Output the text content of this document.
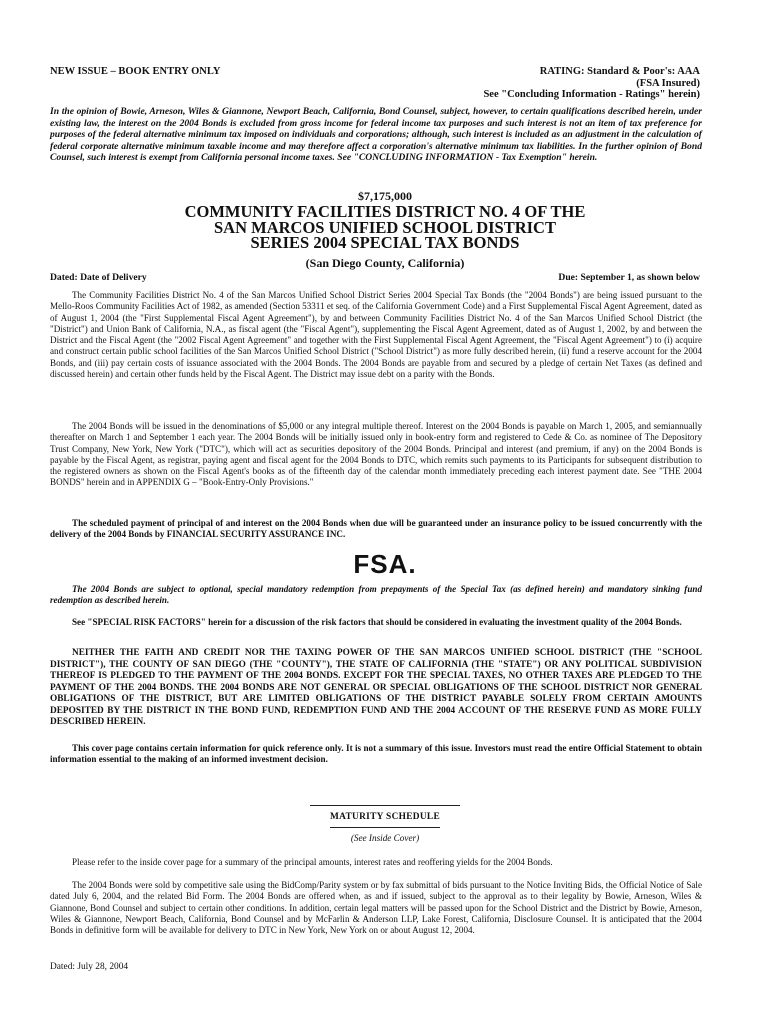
NEW ISSUE – BOOK ENTRY ONLY	RATING: Standard & Poor's: AAA
(FSA Insured)
See "Concluding Information - Ratings" herein)
In the opinion of Bowie, Arneson, Wiles & Giannone, Newport Beach, California, Bond Counsel, subject, however, to certain qualifications described herein, under existing law, the interest on the 2004 Bonds is excluded from gross income for federal income tax purposes and such interest is not an item of tax preference for purposes of the federal alternative minimum tax imposed on individuals and corporations; although, such interest is included as an adjustment in the calculation of federal corporate alternative minimum taxable income and may therefore affect a corporation's alternative minimum tax liabilities. In the further opinion of Bond Counsel, such interest is exempt from California personal income taxes. See "CONCLUDING INFORMATION - Tax Exemption" herein.
$7,175,000
COMMUNITY FACILITIES DISTRICT NO. 4 OF THE
SAN MARCOS UNIFIED SCHOOL DISTRICT
SERIES 2004 SPECIAL TAX BONDS
(San Diego County, California)
Dated: Date of Delivery	Due: September 1, as shown below
The Community Facilities District No. 4 of the San Marcos Unified School District Series 2004 Special Tax Bonds (the "2004 Bonds") are being issued pursuant to the Mello-Roos Community Facilities Act of 1982, as amended (Section 53311 et seq. of the California Government Code) and a First Supplemental Fiscal Agent Agreement, dated as of August 1, 2004 (the "First Supplemental Fiscal Agent Agreement"), by and between Community Facilities District No. 4 of the San Marcos Unified School District (the "District") and Union Bank of California, N.A., as fiscal agent (the "Fiscal Agent"), supplementing the Fiscal Agent Agreement, dated as of August 1, 2002, by and between the District and the Fiscal Agent (the "2002 Fiscal Agent Agreement" and together with the First Supplemental Fiscal Agent Agreement, the "Fiscal Agent Agreement") to (i) acquire and construct certain public school facilities of the San Marcos Unified School District ("School District") as more fully described herein, (ii) fund a reserve account for the 2004 Bonds, and (iii) pay certain costs of issuance associated with the 2004 Bonds. The 2004 Bonds are payable from and secured by a pledge of certain Net Taxes (as defined and discussed herein) and certain other funds held by the Fiscal Agent. The District may issue debt on a parity with the Bonds.
The 2004 Bonds will be issued in the denominations of $5,000 or any integral multiple thereof. Interest on the 2004 Bonds is payable on March 1, 2005, and semiannually thereafter on March 1 and September 1 each year. The 2004 Bonds will be initially issued only in book-entry form and registered to Cede & Co. as nominee of The Depository Trust Company, New York, New York ("DTC"), which will act as securities depository of the 2004 Bonds. Principal and interest (and premium, if any) on the 2004 Bonds is payable by the Fiscal Agent, as registrar, paying agent and fiscal agent for the 2004 Bonds to DTC, which remits such payments to its Participants for subsequent distribution to the registered owners as shown on the Fiscal Agent's books as of the fifteenth day of the calendar month immediately preceding each interest payment date. See "THE 2004 BONDS" herein and in APPENDIX G – "Book-Entry-Only Provisions."
The scheduled payment of principal of and interest on the 2004 Bonds when due will be guaranteed under an insurance policy to be issued concurrently with the delivery of the 2004 Bonds by FINANCIAL SECURITY ASSURANCE INC.
FSA.
The 2004 Bonds are subject to optional, special mandatory redemption from prepayments of the Special Tax (as defined herein) and mandatory sinking fund redemption as described herein.
See "SPECIAL RISK FACTORS" herein for a discussion of the risk factors that should be considered in evaluating the investment quality of the 2004 Bonds.
NEITHER THE FAITH AND CREDIT NOR THE TAXING POWER OF THE SAN MARCOS UNIFIED SCHOOL DISTRICT (THE "SCHOOL DISTRICT"), THE COUNTY OF SAN DIEGO (THE "COUNTY"), THE STATE OF CALIFORNIA (THE "STATE") OR ANY POLITICAL SUBDIVISION THEREOF IS PLEDGED TO THE PAYMENT OF THE 2004 BONDS. EXCEPT FOR THE SPECIAL TAXES, NO OTHER TAXES ARE PLEDGED TO THE PAYMENT OF THE 2004 BONDS. THE 2004 BONDS ARE NOT GENERAL OR SPECIAL OBLIGATIONS OF THE SCHOOL DISTRICT NOR GENERAL OBLIGATIONS OF THE DISTRICT, BUT ARE LIMITED OBLIGATIONS OF THE DISTRICT PAYABLE SOLELY FROM CERTAIN AMOUNTS DEPOSITED BY THE DISTRICT IN THE BOND FUND, REDEMPTION FUND AND THE 2004 ACCOUNT OF THE RESERVE FUND AS MORE FULLY DESCRIBED HEREIN.
This cover page contains certain information for quick reference only. It is not a summary of this issue. Investors must read the entire Official Statement to obtain information essential to the making of an informed investment decision.
MATURITY SCHEDULE
(See Inside Cover)
Please refer to the inside cover page for a summary of the principal amounts, interest rates and reoffering yields for the 2004 Bonds.
The 2004 Bonds were sold by competitive sale using the BidComp/Parity system or by fax submittal of bids pursuant to the Notice Inviting Bids, the Official Notice of Sale dated July 6, 2004, and the related Bid Form. The 2004 Bonds are offered when, as and if issued, subject to the approval as to their legality by Bowie, Arneson, Wiles & Giannone, Bond Counsel and subject to certain other conditions. In addition, certain legal matters will be passed upon for the School District and the District by Bowie, Arneson, Wiles & Giannone, Newport Beach, California, Bond Counsel and by McFarlin & Anderson LLP, Lake Forest, California, Disclosure Counsel. It is anticipated that the 2004 Bonds in definitive form will be available for delivery to DTC in New York, New York on or about August 12, 2004.
Dated: July 28, 2004
